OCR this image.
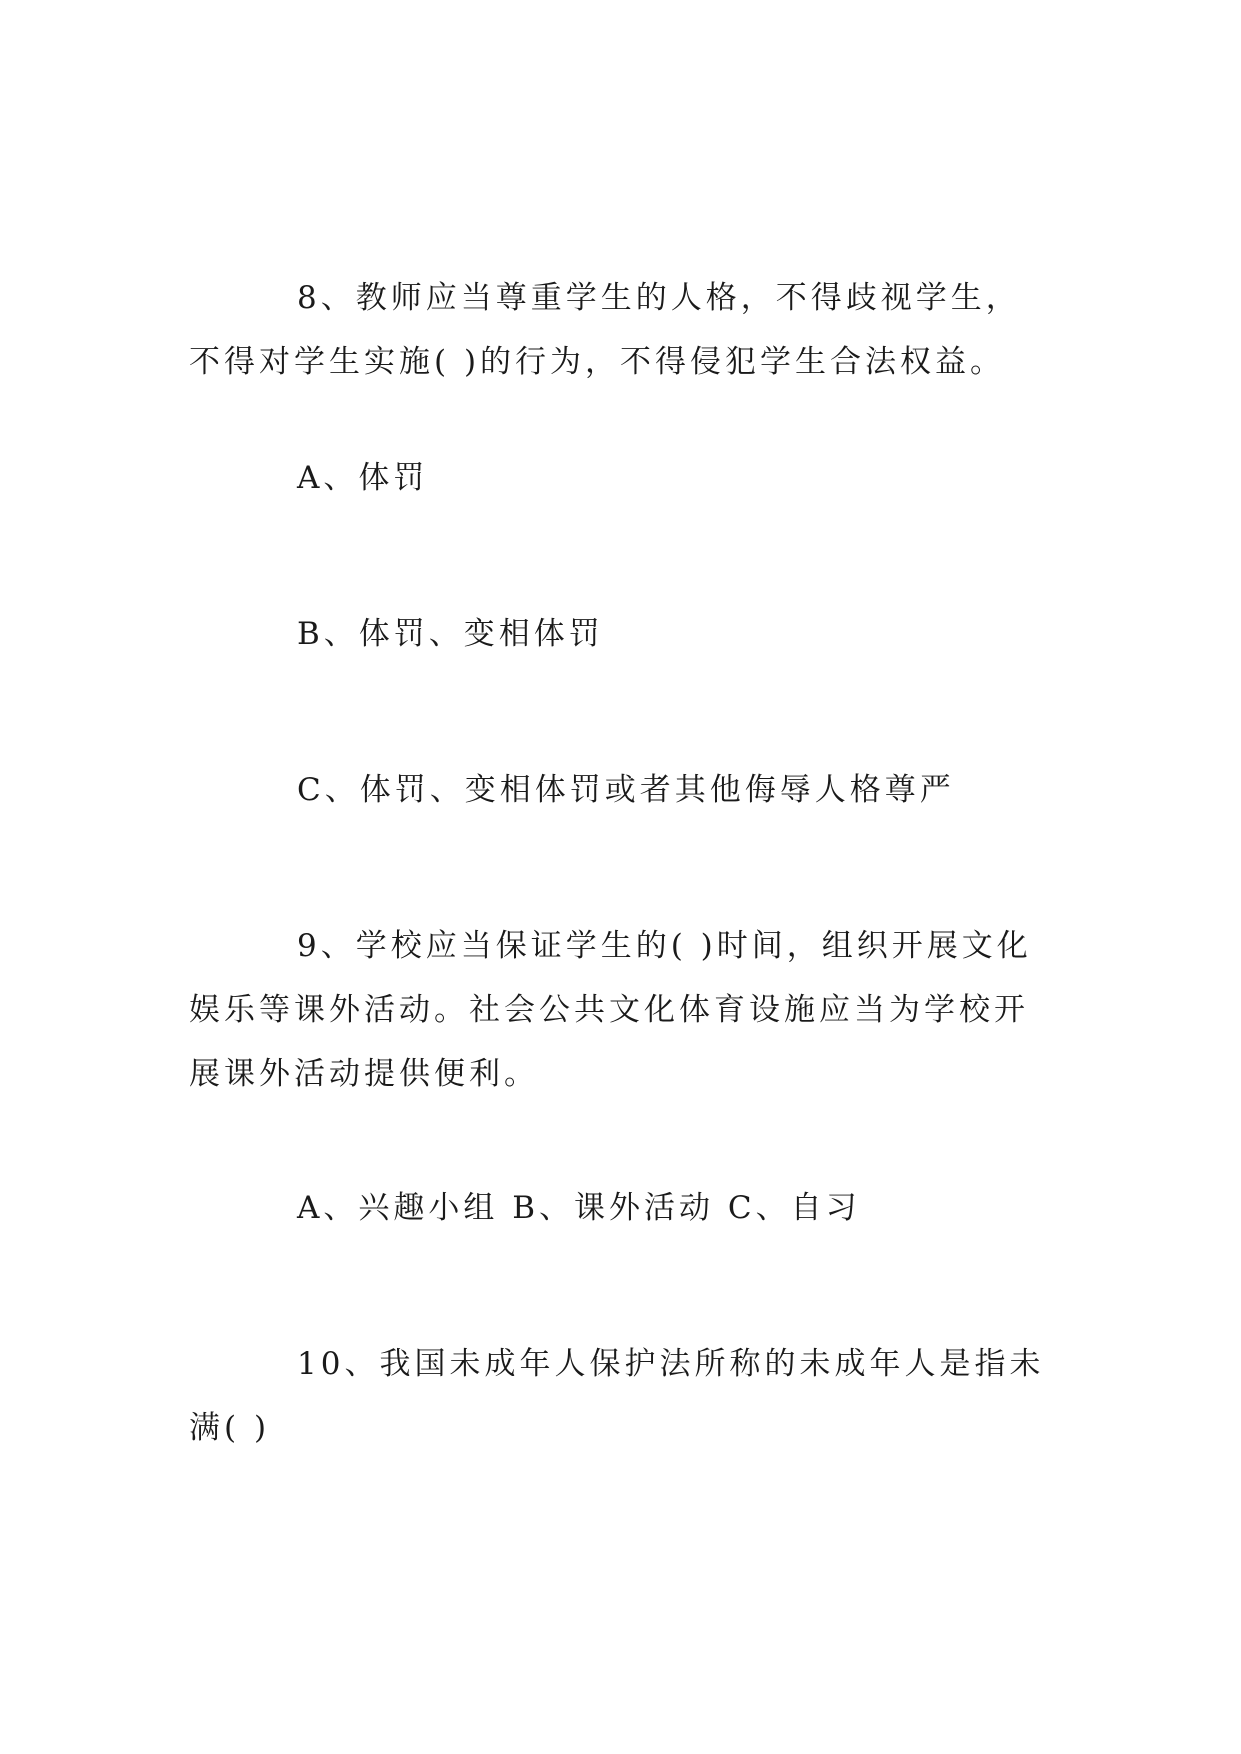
8、教师应当尊重学生的人格，不得歧视学生，不得对学生实施( )的行为，不得侵犯学生合法权益。

A、体罚

B、体罚、变相体罚

C、体罚、变相体罚或者其他侮辱人格尊严

9、学校应当保证学生的( )时间，组织开展文化娱乐等课外活动。社会公共文化体育设施应当为学校开展课外活动提供便利。

A、兴趣小组 B、课外活动 C、自习

10、我国未成年人保护法所称的未成年人是指未满( )
